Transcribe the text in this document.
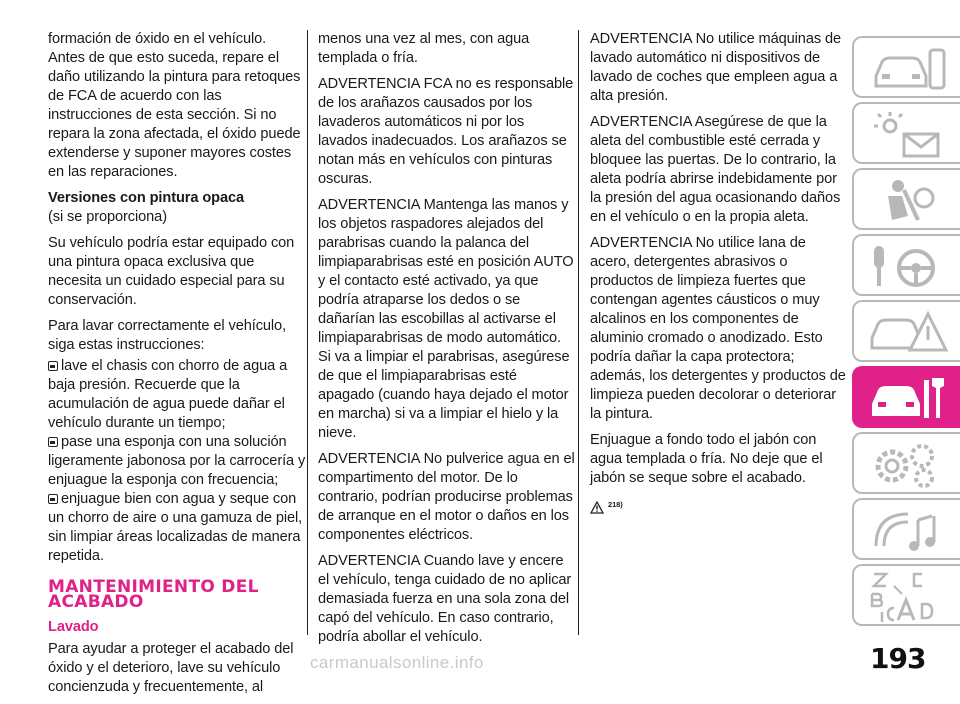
formación de óxido en el vehículo. Antes de que esto suceda, repare el daño utilizando la pintura para retoques de FCA de acuerdo con las instrucciones de esta sección. Si no repara la zona afectada, el óxido puede extenderse y suponer mayores costes en las reparaciones.

Versiones con pintura opaca

(si se proporciona)

Su vehículo podría estar equipado con una pintura opaca exclusiva que necesita un cuidado especial para su conservación.

Para lavar correctamente el vehículo, siga estas instrucciones:

lave el chasis con chorro de agua a baja presión. Recuerde que la acumulación de agua puede dañar el vehículo durante un tiempo;

pase una esponja con una solución ligeramente jabonosa por la carrocería y enjuague la esponja con frecuencia;

enjuague bien con agua y seque con un chorro de aire o una gamuza de piel, sin limpiar áreas localizadas de manera repetida.

MANTENIMIENTO DEL ACABADO
Lavado

Para ayudar a proteger el acabado del óxido y el deterioro, lave su vehículo concienzuda y frecuentemente, al

menos una vez al mes, con agua templada o fría.

ADVERTENCIA FCA no es responsable de los arañazos causados por los lavaderos automáticos ni por los lavados inadecuados. Los arañazos se notan más en vehículos con pinturas oscuras.

ADVERTENCIA Mantenga las manos y los objetos raspadores alejados del parabrisas cuando la palanca del limpiaparabrisas esté en posición AUTO y el contacto esté activado, ya que podría atraparse los dedos o se dañarían las escobillas al activarse el limpiaparabrisas de modo automático. Si va a limpiar el parabrisas, asegúrese de que el limpiaparabrisas esté apagado (cuando haya dejado el motor en marcha) si va a limpiar el hielo y la nieve.

ADVERTENCIA No pulverice agua en el compartimento del motor. De lo contrario, podrían producirse problemas de arranque en el motor o daños en los componentes eléctricos.

ADVERTENCIA Cuando lave y encere el vehículo, tenga cuidado de no aplicar demasiada fuerza en una sola zona del capó del vehículo. En caso contrario, podría abollar el vehículo.

ADVERTENCIA No utilice máquinas de lavado automático ni dispositivos de lavado de coches que empleen agua a alta presión.

ADVERTENCIA Asegúrese de que la aleta del combustible esté cerrada y bloquee las puertas. De lo contrario, la aleta podría abrirse indebidamente por la presión del agua ocasionando daños en el vehículo o en la propia aleta.

ADVERTENCIA No utilice lana de acero, detergentes abrasivos o productos de limpieza fuertes que contengan agentes cáusticos o muy alcalinos en los componentes de aluminio cromado o anodizado. Esto podría dañar la capa protectora; además, los detergentes y productos de limpieza pueden decolorar o deteriorar la pintura.

Enjuague a fondo todo el jabón con agua templada o fría. No deje que el jabón se seque sobre el acabado.

218)
193
carmanualsonline.info
